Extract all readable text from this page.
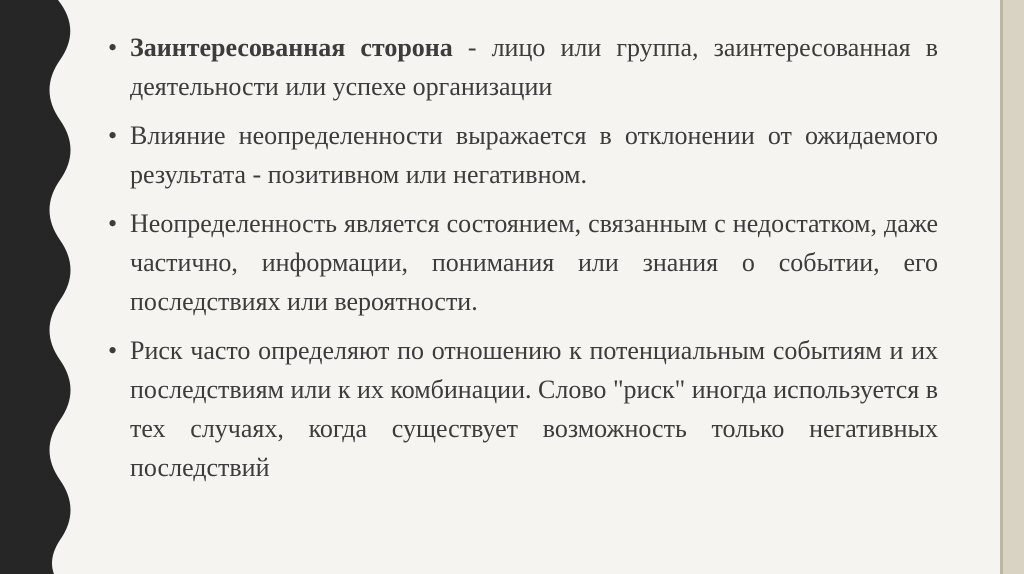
• Заинтересованная сторона - лицо или группа, заинтересованная в деятельности или успехе организации
• Влияние неопределенности выражается в отклонении от ожидаемого результата - позитивном или негативном.
• Неопределенность является состоянием, связанным с недостатком, даже частично, информации, понимания или знания о событии, его последствиях или вероятности.
• Риск часто определяют по отношению к потенциальным событиям и их последствиям или к их комбинации. Слово "риск" иногда используется в тех случаях, когда существует возможность только негативных последствий
